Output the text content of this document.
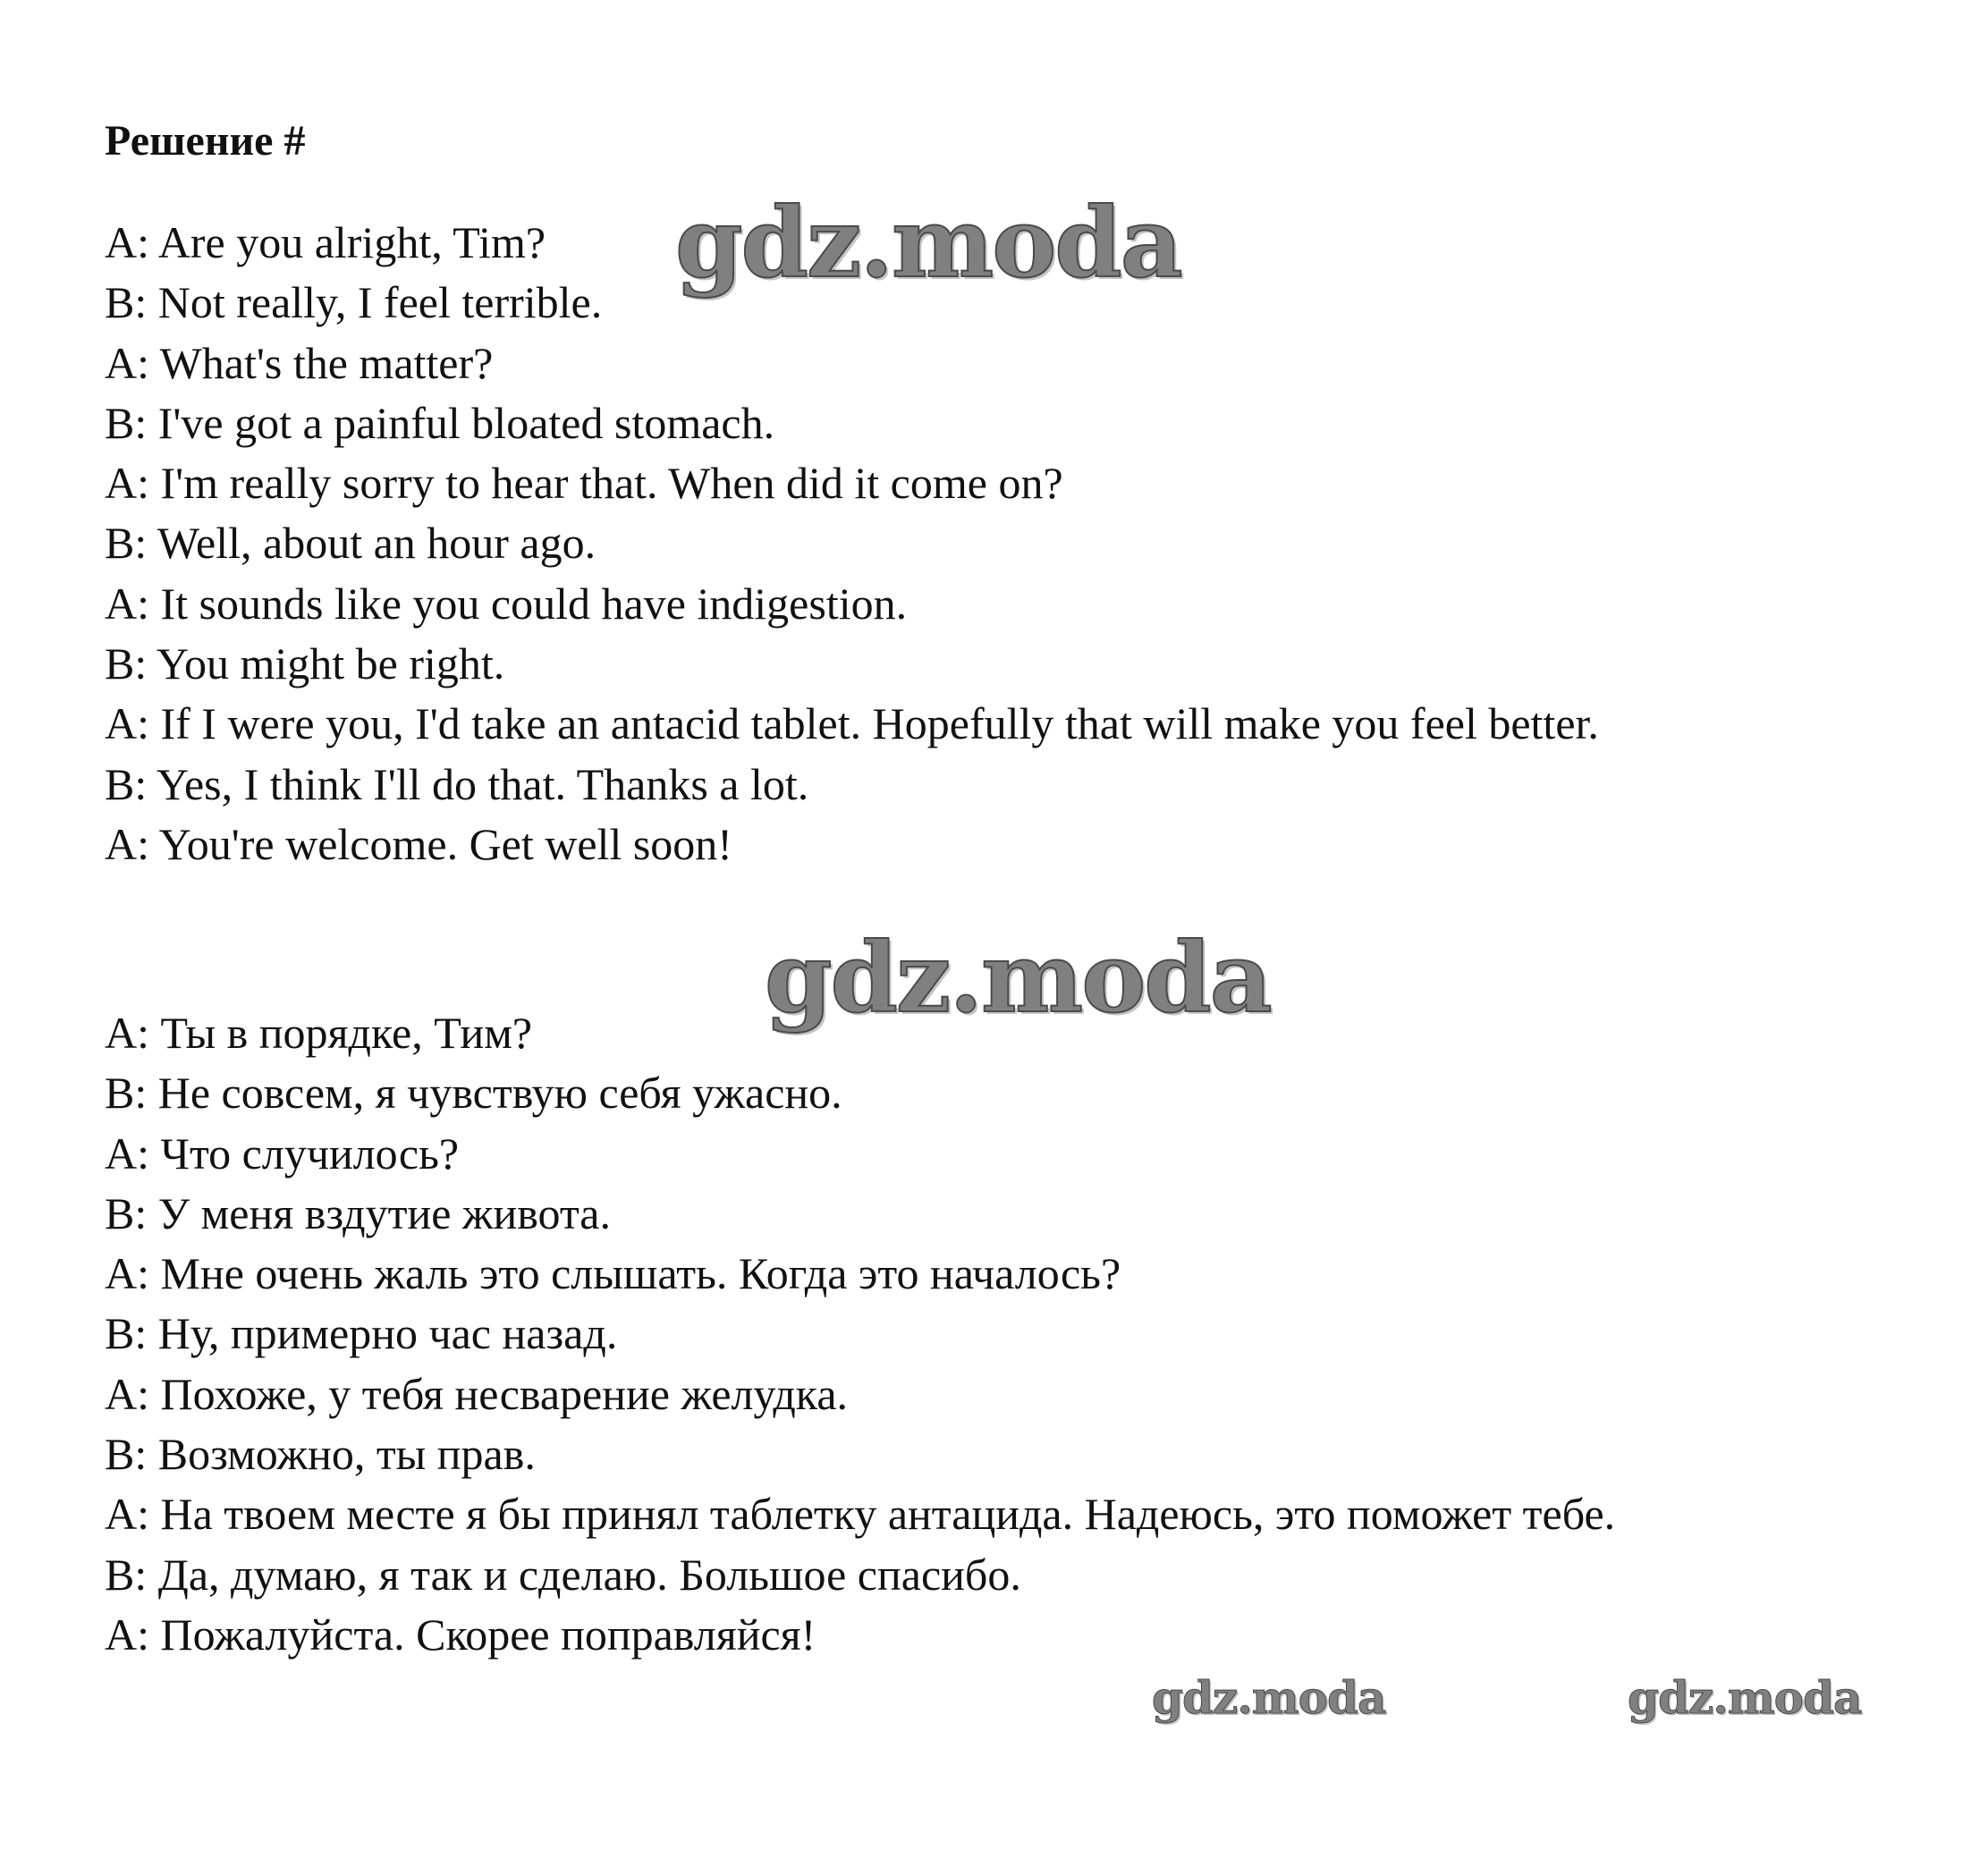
Решение #
A: Are you alright, Tim?
B: Not really, I feel terrible.
A: What's the matter?
B: I've got a painful bloated stomach.
A: I'm really sorry to hear that. When did it come on?
B: Well, about an hour ago.
A: It sounds like you could have indigestion.
B: You might be right.
A: If I were you, I'd take an antacid tablet. Hopefully that will make you feel better.
B: Yes, I think I'll do that. Thanks a lot.
A: You're welcome. Get well soon!
A: Ты в порядке, Тим?
B: Не совсем, я чувствую себя ужасно.
A: Что случилось?
B: У меня вздутие живота.
A: Мне очень жаль это слышать. Когда это началось?
B: Ну, примерно час назад.
A: Похоже, у тебя несварение желудка.
B: Возможно, ты прав.
A: На твоем месте я бы принял таблетку антацида. Надеюсь, это поможет тебе.
B: Да, думаю, я так и сделаю. Большое спасибо.
A: Пожалуйста. Скорее поправляйся!
gdz.moda
gdz.moda
gdz.moda	gdz.moda
